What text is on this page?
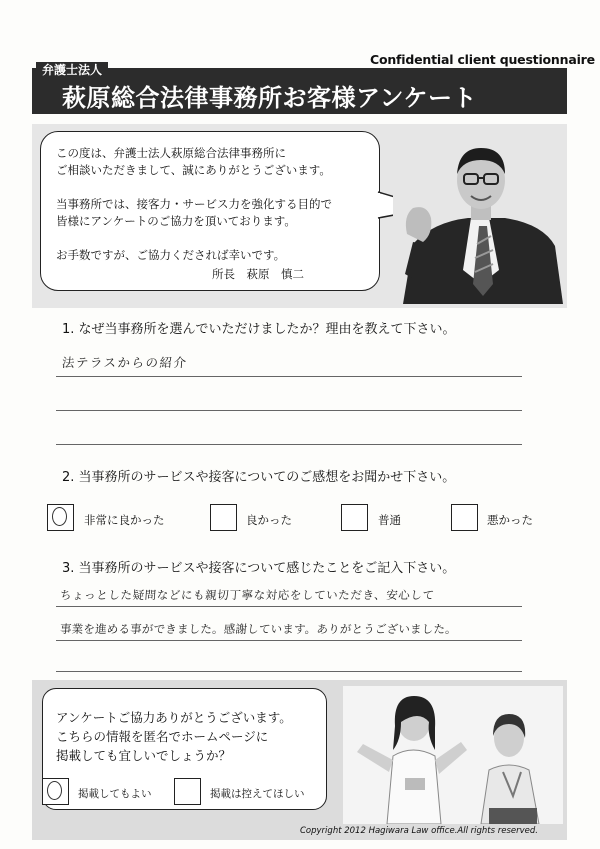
Confidential client questionnaire
弁護士法人
萩原総合法律事務所お客様アンケート
この度は、弁護士法人萩原総合法律事務所に
ご相談いただきまして、誠にありがとうございます。
当事務所では、接客力・サービス力を強化する目的で
皆様にアンケートのご協力を頂いております。
お手数ですが、ご協力くだされば幸いです。
所長　萩原　慎二
1. なぜ当事務所を選んでいただけましたか？理由を教えて下さい。
法テラスからの紹介
2. 当事務所のサービスや接客についてのご感想をお聞かせ下さい。
非常に良かった	良かった	普通	悪かった
3. 当事務所のサービスや接客について感じたことをご記入下さい。
ちょっとした疑問などにも親切丁寧な対応をしていただき、安心して
事業を進める事ができました。感謝しています。ありがとうございました。
アンケートご協力ありがとうございます。
こちらの情報を匿名でホームページに
掲載しても宜しいでしょうか？
掲載してもよい	掲載は控えてほしい
Copyright 2012 Hagiwara Law office.All rights reserved.
